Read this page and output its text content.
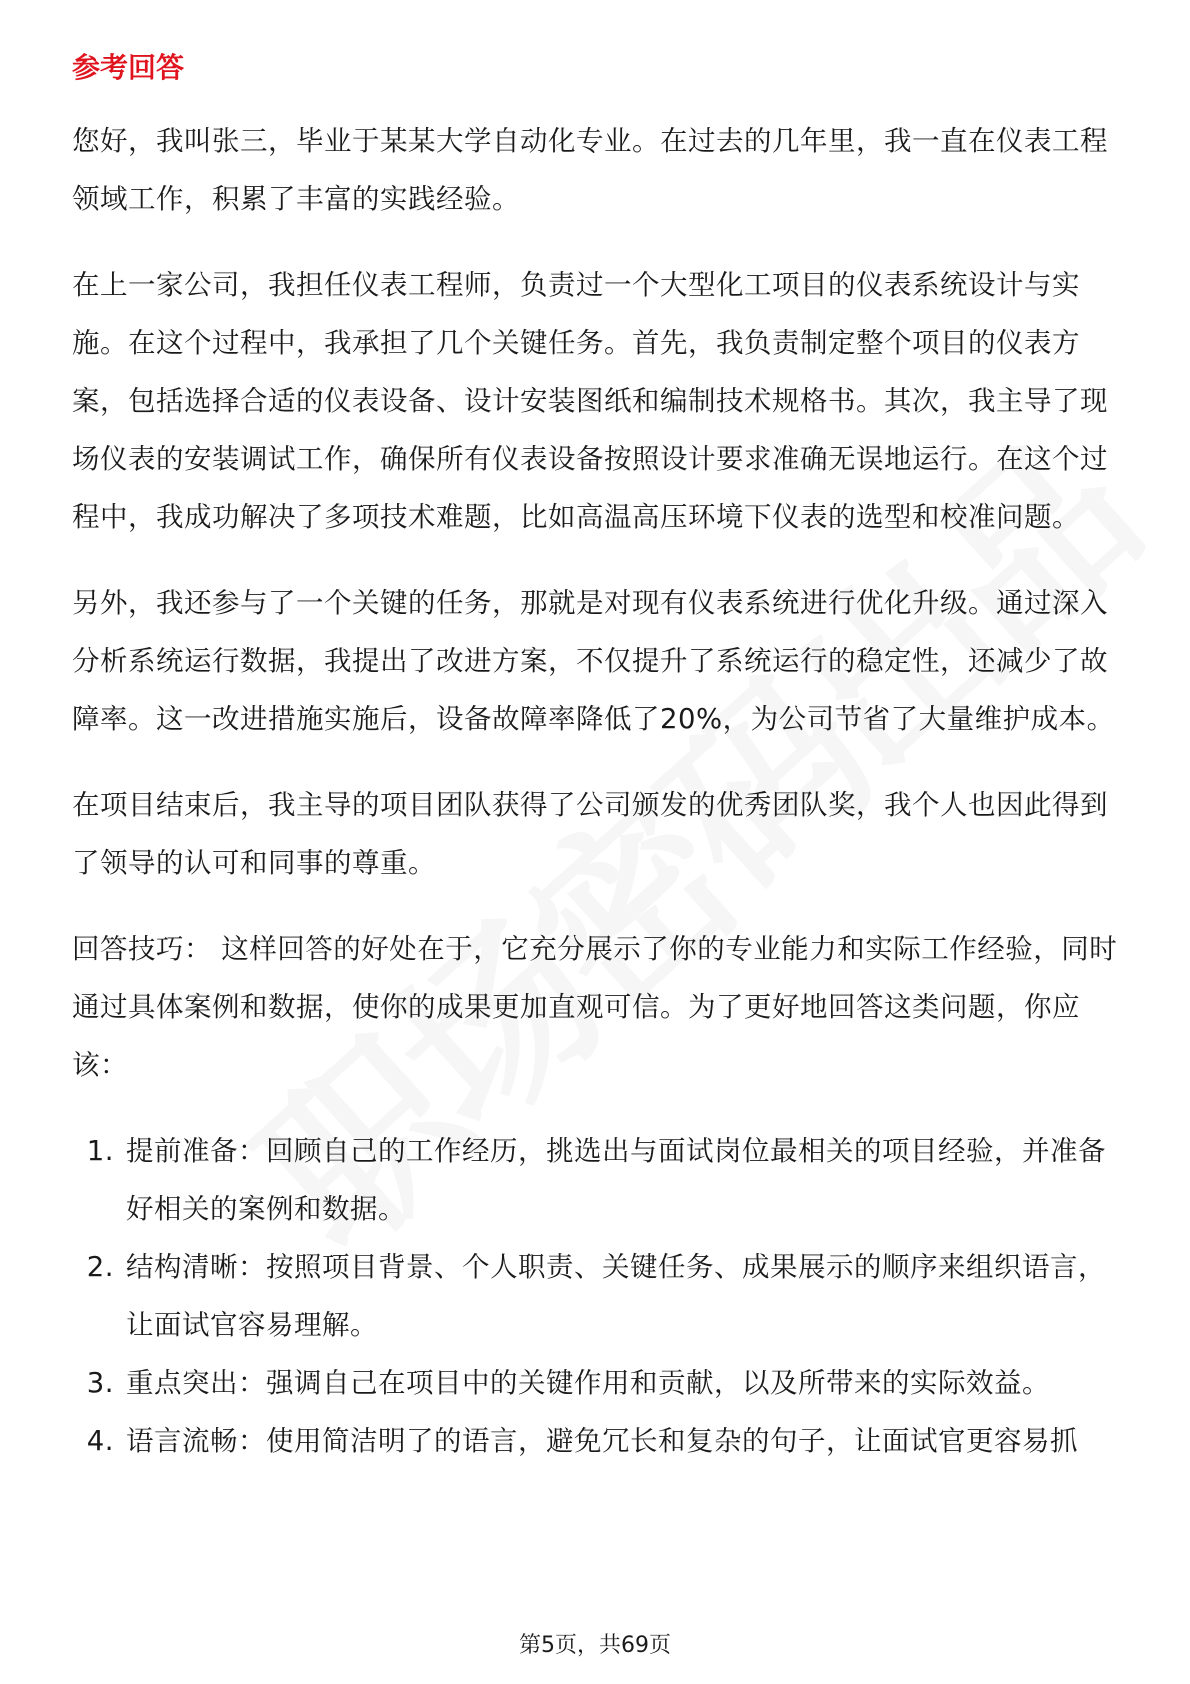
参考回答

您好，我叫张三，毕业于某某大学自动化专业。在过去的几年里，我一直在仪表工程领域工作，积累了丰富的实践经验。

在上一家公司，我担任仪表工程师，负责过一个大型化工项目的仪表系统设计与实施。在这个过程中，我承担了几个关键任务。首先，我负责制定整个项目的仪表方案，包括选择合适的仪表设备、设计安装图纸和编制技术规格书。其次，我主导了现场仪表的安装调试工作，确保所有仪表设备按照设计要求准确无误地运行。在这个过程中，我成功解决了多项技术难题，比如高温高压环境下仪表的选型和校准问题。

另外，我还参与了一个关键的任务，那就是对现有仪表系统进行优化升级。通过深入分析系统运行数据，我提出了改进方案，不仅提升了系统运行的稳定性，还减少了故障率。这一改进措施实施后，设备故障率降低了20%，为公司节省了大量维护成本。

在项目结束后，我主导的项目团队获得了公司颁发的优秀团队奖，我个人也因此得到了领导的认可和同事的尊重。

回答技巧： 这样回答的好处在于，它充分展示了你的专业能力和实际工作经验，同时通过具体案例和数据，使你的成果更加直观可信。为了更好地回答这类问题，你应该：

1. 提前准备：回顾自己的工作经历，挑选出与面试岗位最相关的项目经验，并准备好相关的案例和数据。
2. 结构清晰：按照项目背景、个人职责、关键任务、成果展示的顺序来组织语言，让面试官容易理解。
3. 重点突出：强调自己在项目中的关键作用和贡献，以及所带来的实际效益。
4. 语言流畅：使用简洁明了的语言，避免冗长和复杂的句子，让面试官更容易抓
第5页，共69页
